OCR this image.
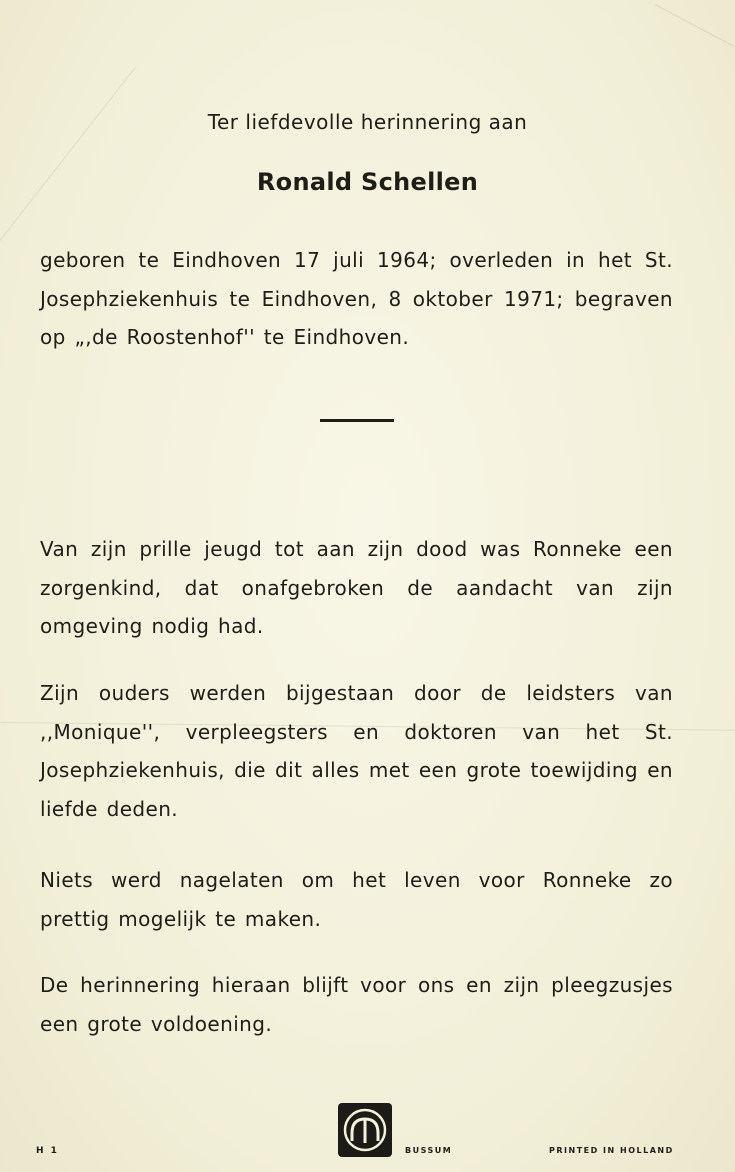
Ter liefdevolle herinnering aan
Ronald Schellen
geboren te Eindhoven 17 juli 1964; overleden in het St. Josephziekenhuis te Eindhoven, 8 oktober 1971; begraven op „,de Roostenhof'' te Eindhoven.
Van zijn prille jeugd tot aan zijn dood was Ronneke een zorgenkind, dat onafgebroken de aandacht van zijn omgeving nodig had.
Zijn ouders werden bijgestaan door de leidsters van ,,Monique'', verpleegsters en doktoren van het St. Josephziekenhuis, die dit alles met een grote toewijding en liefde deden.
Niets werd nagelaten om het leven voor Ronneke zo prettig mogelijk te maken.
De herinnering hieraan blijft voor ons en zijn pleegzusjes een grote voldoening.
H 1	BUSSUM	PRINTED IN HOLLAND
